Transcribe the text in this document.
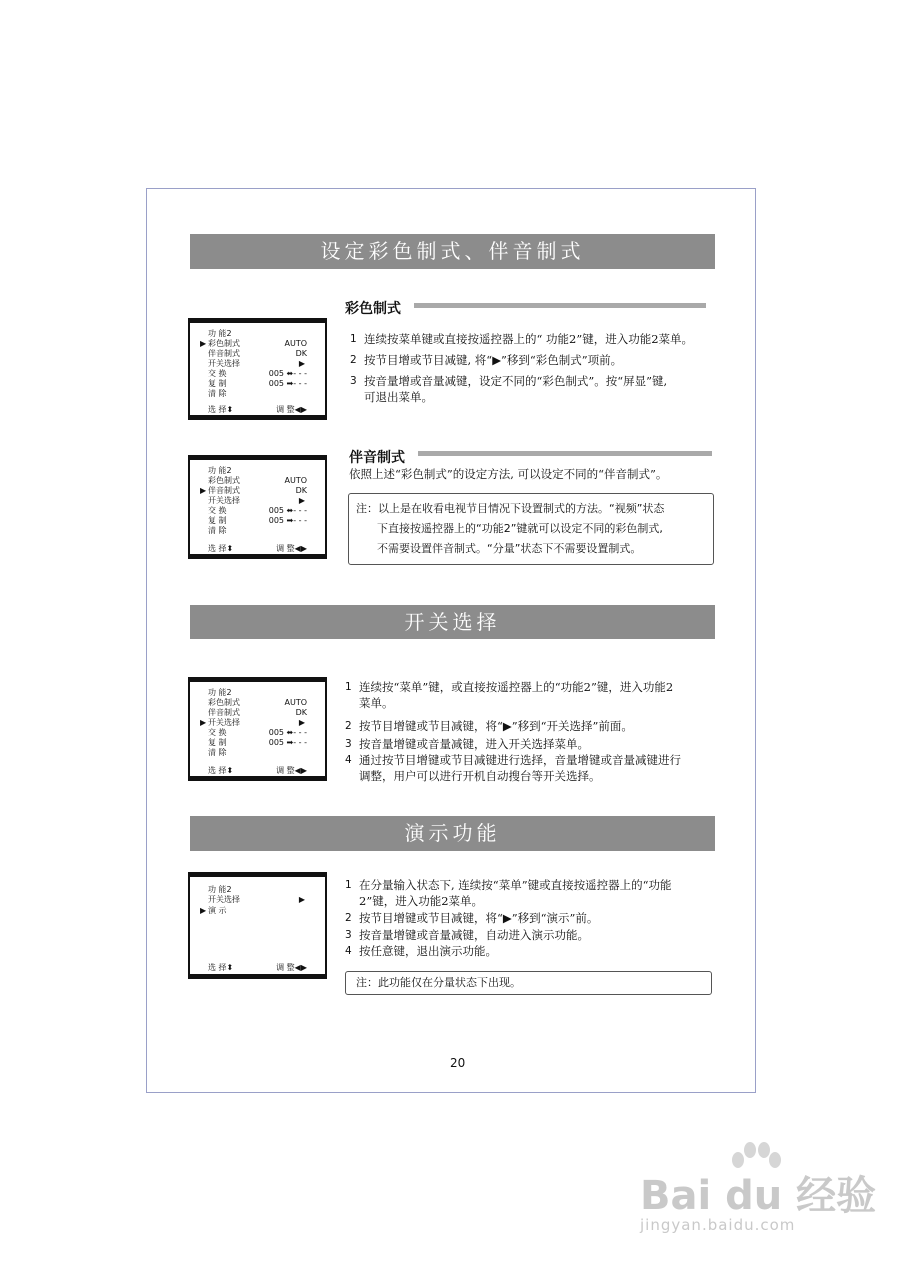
设定彩色制式、伴音制式
彩色制式
功 能2
▶ 彩色制式	AUTO
伴音制式	DK
开关选择	▶
交 换	005 ⬌- - -
复 制	005 ➡- - -
清 除
选 择⬍	调 整◀▶
1 连续按菜单键或直接按遥控器上的“ 功能2”键，进入功能2菜单。
2 按节目增或节目减键, 将“▶”移到“彩色制式”项前。
3 按音量增或音量减键，设定不同的“彩色制式”。按“屏显”键,
可退出菜单。
伴音制式
依照上述“彩色制式”的设定方法, 可以设定不同的“伴音制式”。
功 能2
彩色制式	AUTO
▶ 伴音制式	DK
开关选择	▶
交 换	005 ⬌- - -
复 制	005 ➡- - -
清 除
选 择⬍	调 整◀▶
注：以上是在收看电视节目情况下设置制式的方法。“视频”状态
下直接按遥控器上的“功能2”键就可以设定不同的彩色制式,
不需要设置伴音制式。“分量”状态下不需要设置制式。
开关选择
功 能2
彩色制式	AUTO
伴音制式	DK
▶ 开关选择	▶
交 换	005 ⬌- - -
复 制	005 ➡- - -
清 除
选 择⬍	调 整◀▶
1 连续按“菜单”键，或直接按遥控器上的“功能2”键，进入功能2
菜单。
2 按节目增键或节目减键，将“▶”移到“开关选择”前面。
3 按音量增键或音量减键，进入开关选择菜单。
4 通过按节目增键或节目减键进行选择，音量增键或音量减键进行
调整，用户可以进行开机自动搜台等开关选择。
演示功能
功 能2
开关选择	▶
▶ 演 示
选 择⬍	调 整◀▶
1 在分量输入状态下, 连续按“菜单”键或直接按遥控器上的“功能
2”键，进入功能2菜单。
2 按节目增键或节目减键，将“▶”移到“演示”前。
3 按音量增键或音量减键，自动进入演示功能。
4 按任意键，退出演示功能。
注：此功能仅在分量状态下出现。
20
Bai du 经验
jingyan.baidu.com
